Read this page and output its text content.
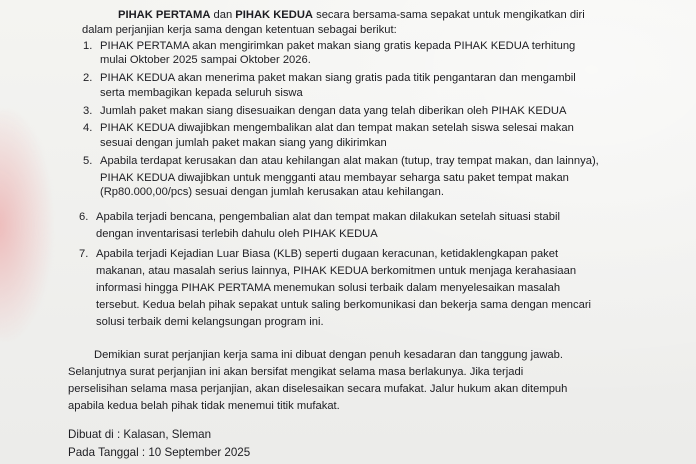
PIHAK PERTAMA dan PIHAK KEDUA secara bersama-sama sepakat untuk mengikatkan diri
dalam perjanjian kerja sama dengan ketentuan sebagai berikut:
1. PIHAK PERTAMA akan mengirimkan paket makan siang gratis kepada PIHAK KEDUA terhitung
mulai Oktober 2025 sampai Oktober 2026.
2. PIHAK KEDUA akan menerima paket makan siang gratis pada titik pengantaran dan mengambil
serta membagikan kepada seluruh siswa
3. Jumlah paket makan siang disesuaikan dengan data yang telah diberikan oleh PIHAK KEDUA
4. PIHAK KEDUA diwajibkan mengembalikan alat dan tempat makan setelah siswa selesai makan
sesuai dengan jumlah paket makan siang yang dikirimkan
5. Apabila terdapat kerusakan dan atau kehilangan alat makan (tutup, tray tempat makan, dan lainnya),
PIHAK KEDUA diwajibkan untuk mengganti atau membayar seharga satu paket tempat makan
(Rp80.000,00/pcs) sesuai dengan jumlah kerusakan atau kehilangan.
6. Apabila terjadi bencana, pengembalian alat dan tempat makan dilakukan setelah situasi stabil
dengan inventarisasi terlebih dahulu oleh PIHAK KEDUA
7. Apabila terjadi Kejadian Luar Biasa (KLB) seperti dugaan keracunan, ketidaklengkapan paket
makanan, atau masalah serius lainnya, PIHAK KEDUA berkomitmen untuk menjaga kerahasiaan
informasi hingga PIHAK PERTAMA menemukan solusi terbaik dalam menyelesaikan masalah
tersebut. Kedua belah pihak sepakat untuk saling berkomunikasi dan bekerja sama dengan mencari
solusi terbaik demi kelangsungan program ini.
Demikian surat perjanjian kerja sama ini dibuat dengan penuh kesadaran dan tanggung jawab.
Selanjutnya surat perjanjian ini akan bersifat mengikat selama masa berlakunya. Jika terjadi
perselisihan selama masa perjanjian, akan diselesaikan secara mufakat. Jalur hukum akan ditempuh
apabila kedua belah pihak tidak menemui titik mufakat.
Dibuat di : Kalasan, Sleman
Pada Tanggal : 10 September 2025
